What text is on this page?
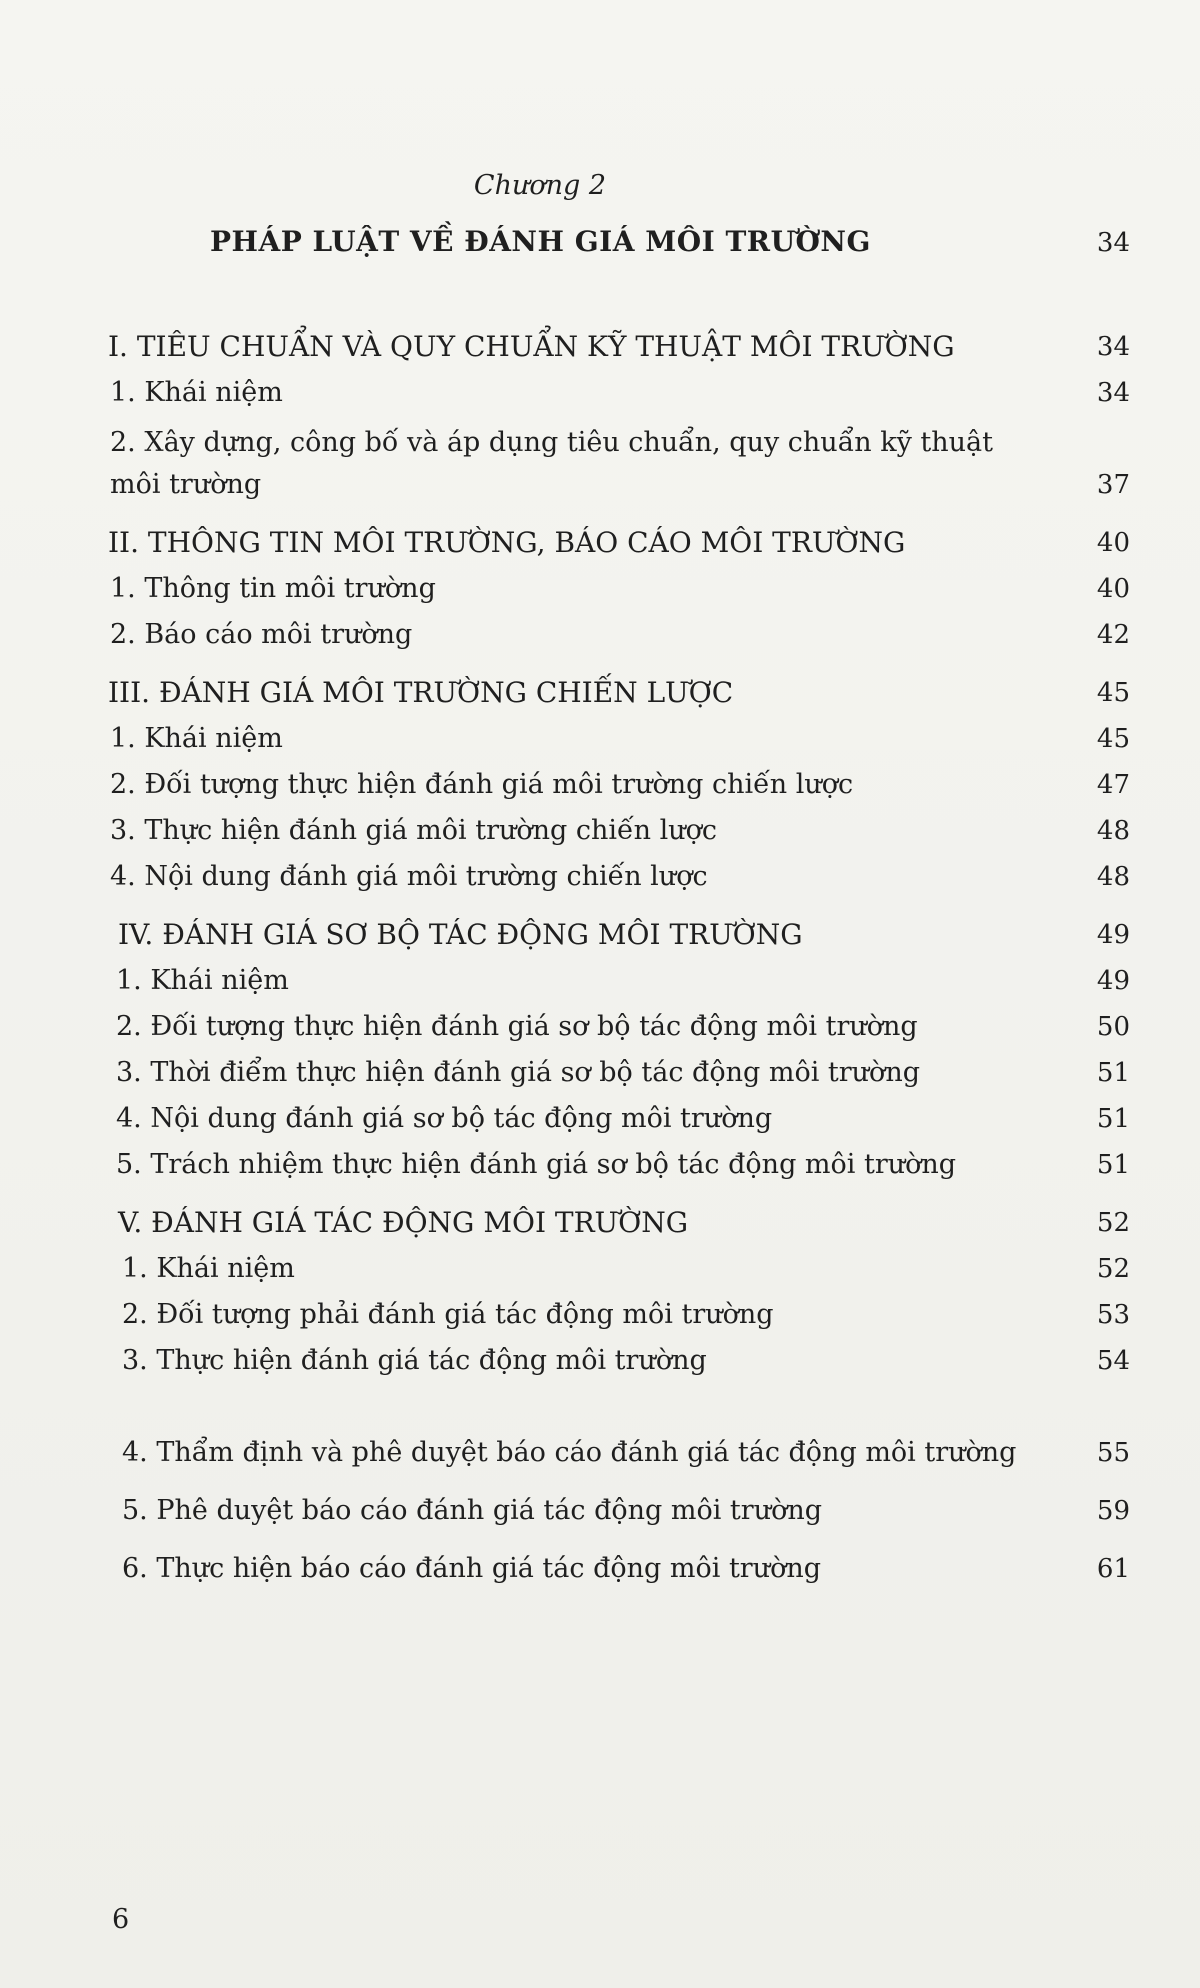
Chương 2
PHÁP LUẬT VỀ ĐÁNH GIÁ MÔI TRƯỜNG	34
I. TIÊU CHUẨN VÀ QUY CHUẨN KỸ THUẬT MÔI TRƯỜNG	34
1. Khái niệm	34
2. Xây dựng, công bố và áp dụng tiêu chuẩn, quy chuẩn kỹ thuật môi trường	37
II. THÔNG TIN MÔI TRƯỜNG, BÁO CÁO MÔI TRƯỜNG	40
1. Thông tin môi trường	40
2. Báo cáo môi trường	42
III. ĐÁNH GIÁ MÔI TRƯỜNG CHIẾN LƯỢC	45
1. Khái niệm	45
2. Đối tượng thực hiện đánh giá môi trường chiến lược	47
3. Thực hiện đánh giá môi trường chiến lược	48
4. Nội dung đánh giá môi trường chiến lược	48
IV. ĐÁNH GIÁ SƠ BỘ TÁC ĐỘNG MÔI TRƯỜNG	49
1. Khái niệm	49
2. Đối tượng thực hiện đánh giá sơ bộ tác động môi trường	50
3. Thời điểm thực hiện đánh giá sơ bộ tác động môi trường	51
4. Nội dung đánh giá sơ bộ tác động môi trường	51
5. Trách nhiệm thực hiện đánh giá sơ bộ tác động môi trường	51
V. ĐÁNH GIÁ TÁC ĐỘNG MÔI TRƯỜNG	52
1. Khái niệm	52
2. Đối tượng phải đánh giá tác động môi trường	53
3. Thực hiện đánh giá tác động môi trường	54
4. Thẩm định và phê duyệt báo cáo đánh giá tác động môi trường	55
5. Phê duyệt báo cáo đánh giá tác động môi trường	59
6. Thực hiện báo cáo đánh giá tác động môi trường	61
6
